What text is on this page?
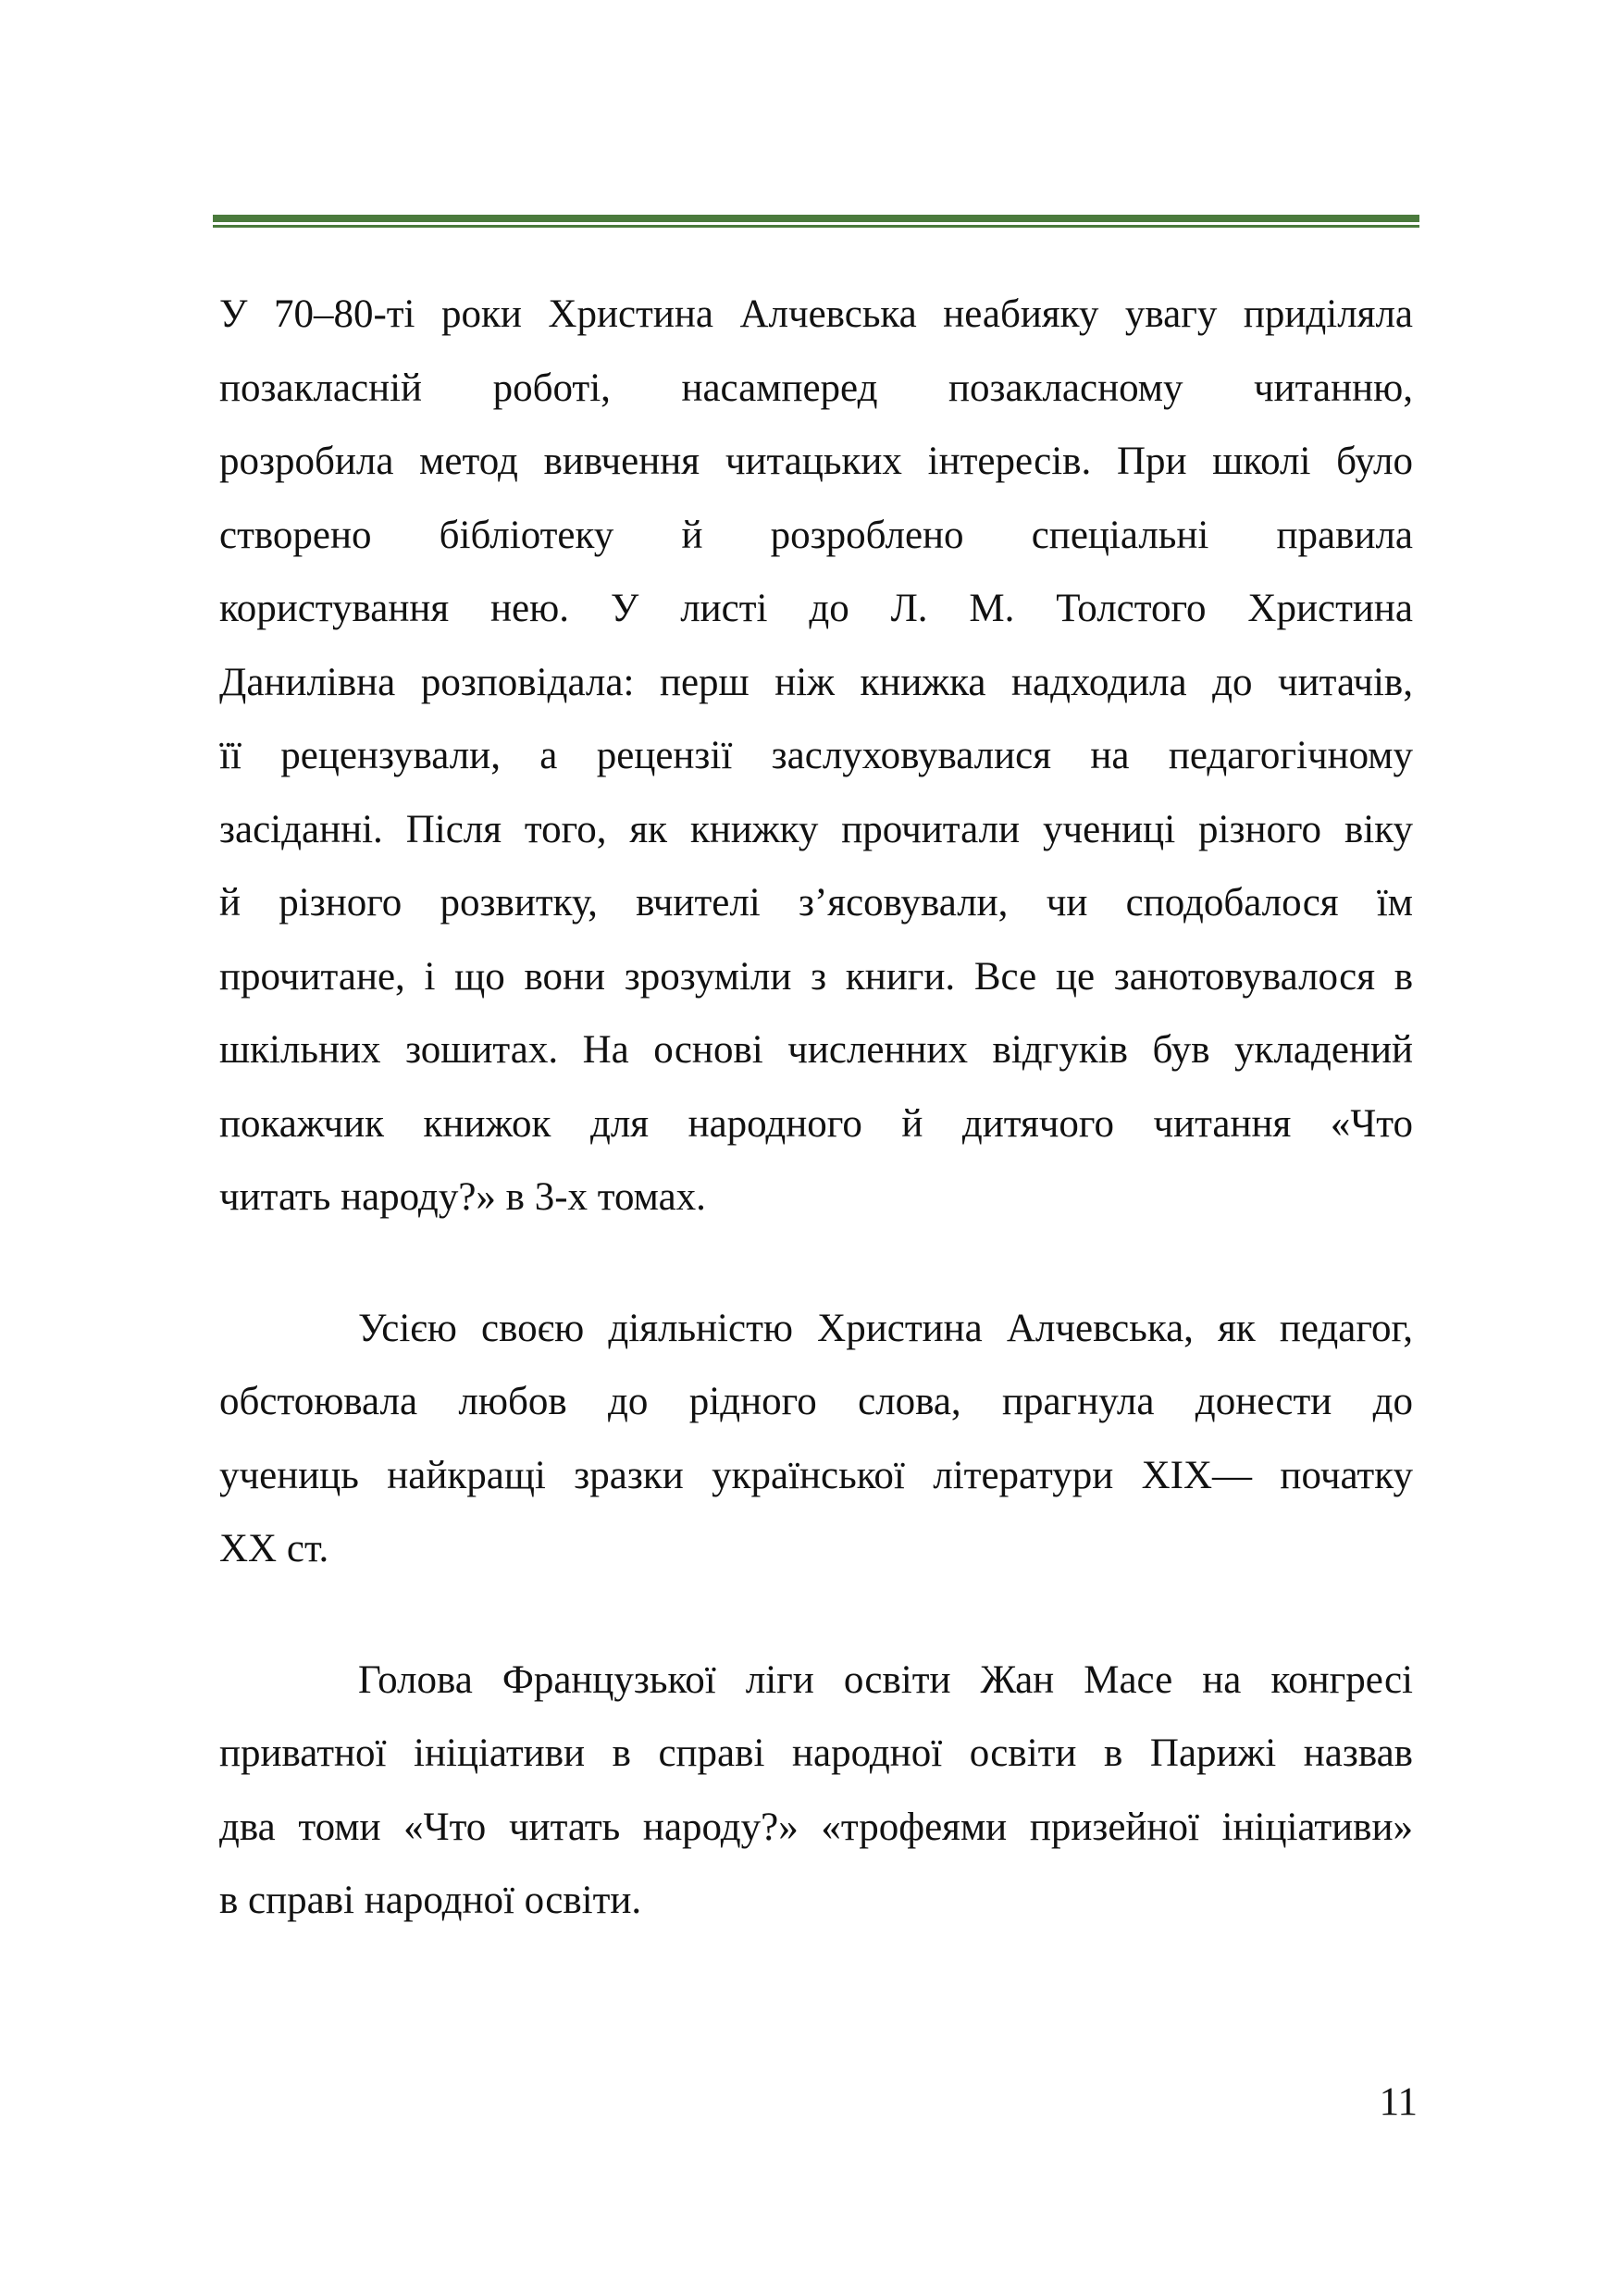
У 70–80-ті роки Христина Алчевська неабияку увагу приділяла
позакласній роботі, насамперед позакласному читанню,
розробила метод вивчення читацьких інтересів. При школі було
створено бібліотеку й розроблено спеціальні правила
користування нею. У листі до Л. М. Толстого Христина
Данилівна розповідала: перш ніж книжка надходила до читачів,
її рецензували, а рецензії заслуховувалися на педагогічному
засіданні. Після того, як книжку прочитали учениці різного віку
й різного розвитку, вчителі з’ясовували, чи сподобалося їм
прочитане, і що вони зрозуміли з книги. Все це занотовувалося в
шкільних зошитах. На основі численних відгуків був укладений
покажчик книжок для народного й дитячого читання «Что
читать народу?» в 3-х томах.

Усією своєю діяльністю Христина Алчевська, як педагог,
обстоювала любов до рідного слова, прагнула донести до
учениць найкращі зразки української літератури XIX— початку
XX ст.

Голова Французької ліги освіти Жан Масе на конгресі
приватної ініціативи в справі народної освіти в Парижі назвав
два томи «Что читать народу?» «трофеями призейної ініціативи»
в справі народної освіти.

11
